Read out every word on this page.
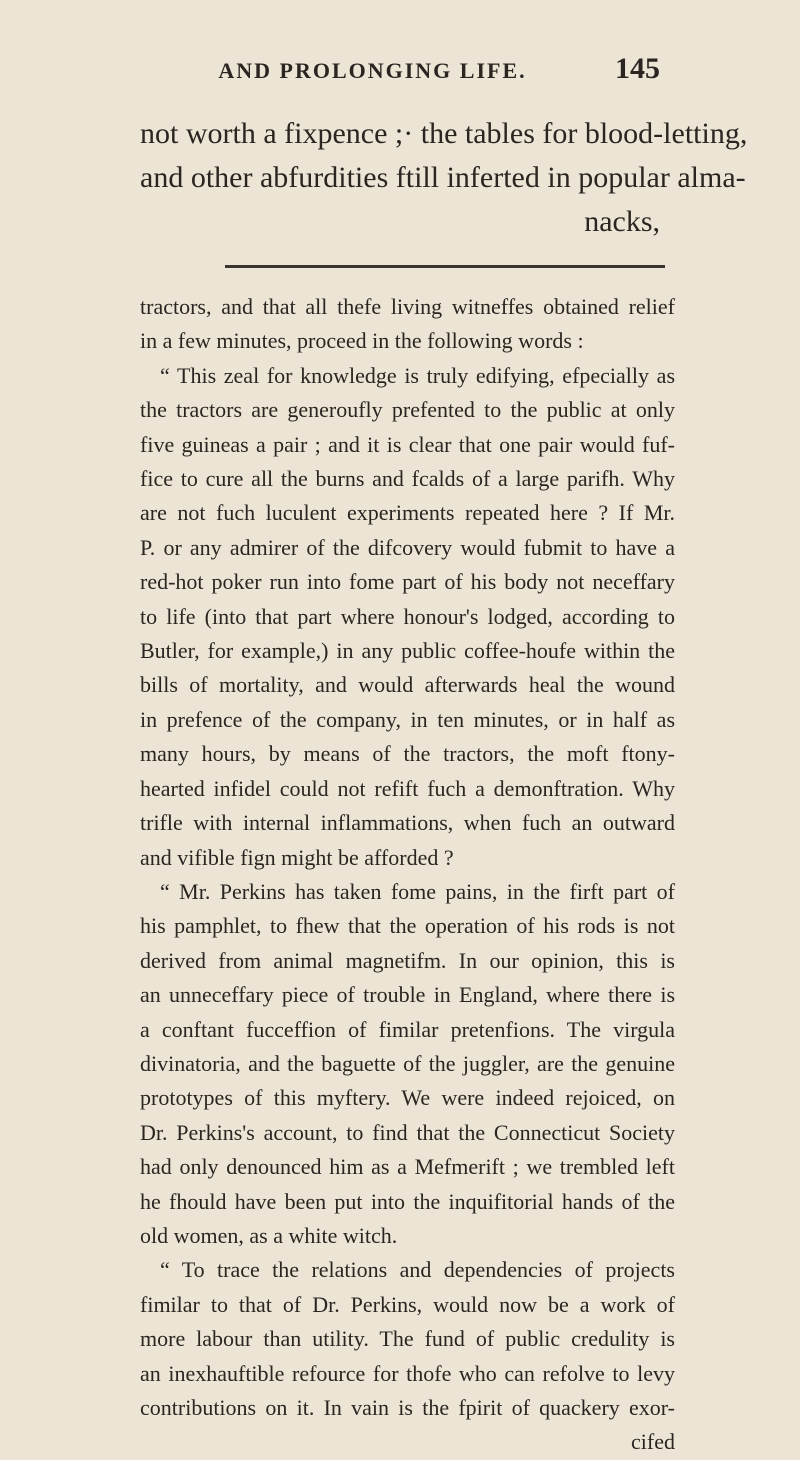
AND PROLONGING LIFE.	145
not worth a fixpence ;· the tables for blood-letting,
and other abfurdities ftill inferted in popular alma-
nacks,
tractors, and that all thefe living witneffes obtained relief
in a few minutes, proceed in the following words :
“ This zeal for knowledge is truly edifying, efpecially as
the tractors are generoufly prefented to the public at only
five guineas a pair ; and it is clear that one pair would fuf-
fice to cure all the burns and fcalds of a large parifh. Why
are not fuch luculent experiments repeated here ? If Mr.
P. or any admirer of the difcovery would fubmit to have a
red-hot poker run into fome part of his body not neceffary
to life (into that part where honour's lodged, according to
Butler, for example,) in any public coffee-houfe within the
bills of mortality, and would afterwards heal the wound
in prefence of the company, in ten minutes, or in half as
many hours, by means of the tractors, the moft ftony-
hearted infidel could not refift fuch a demonftration. Why
trifle with internal inflammations, when fuch an outward
and vifible fign might be afforded ?
“ Mr. Perkins has taken fome pains, in the firft part of
his pamphlet, to fhew that the operation of his rods is not
derived from animal magnetifm. In our opinion, this is
an unneceffary piece of trouble in England, where there is
a conftant fucceffion of fimilar pretenfions. The virgula
divinatoria, and the baguette of the juggler, are the genuine
prototypes of this myftery. We were indeed rejoiced, on
Dr. Perkins's account, to find that the Connecticut Society
had only denounced him as a Mefmerift ; we trembled left
he fhould have been put into the inquifitorial hands of the
old women, as a white witch.
“ To trace the relations and dependencies of projects
fimilar to that of Dr. Perkins, would now be a work of
more labour than utility. The fund of public credulity is
an inexhauftible refource for thofe who can refolve to levy
contributions on it. In vain is the fpirit of quackery exor-
cifed
